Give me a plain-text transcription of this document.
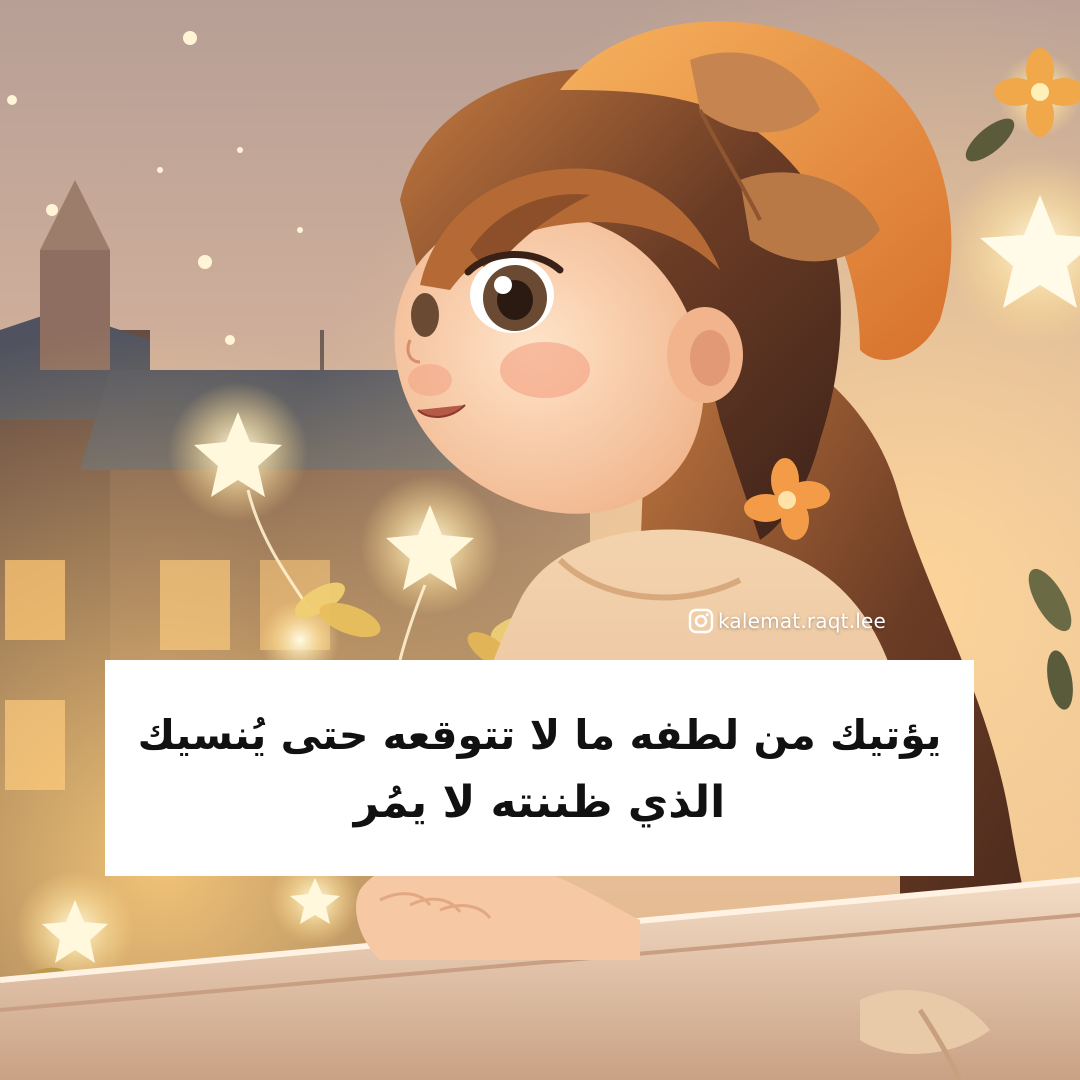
kalemat.raqt.lee
يؤتيك من لطفه ما لا تتوقعه حتى يُنسيك
الذي ظننته لا يمُر
